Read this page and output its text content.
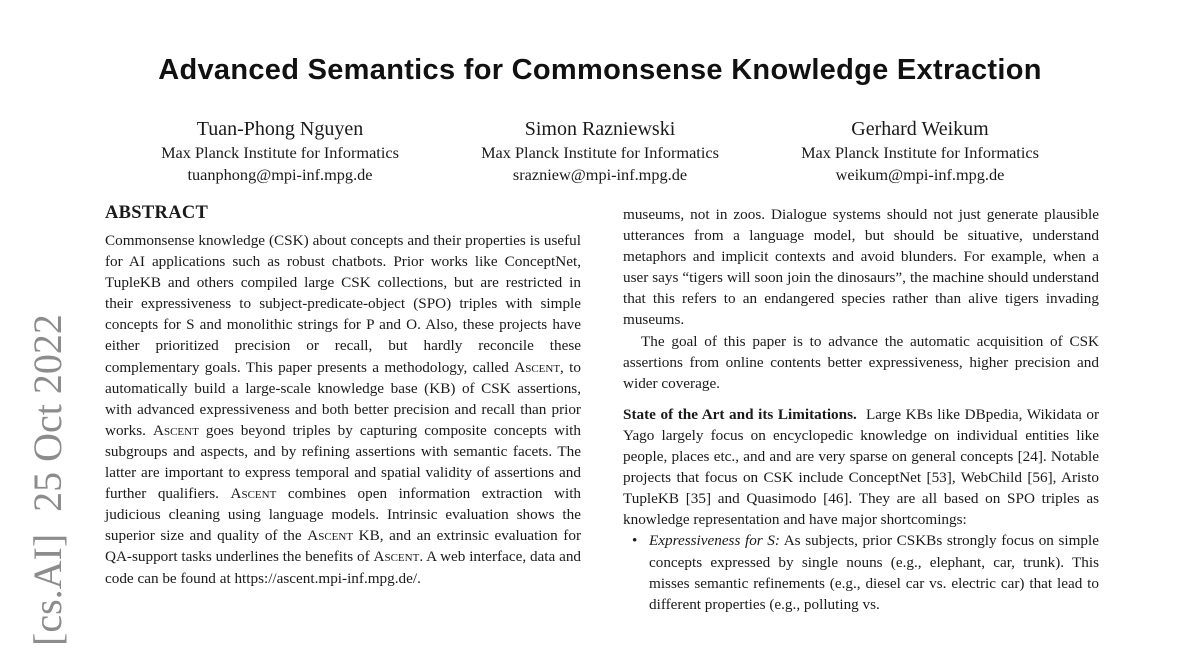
Advanced Semantics for Commonsense Knowledge Extraction
Tuan-Phong Nguyen
Max Planck Institute for Informatics
tuanphong@mpi-inf.mpg.de
Simon Razniewski
Max Planck Institute for Informatics
srazniew@mpi-inf.mpg.de
Gerhard Weikum
Max Planck Institute for Informatics
weikum@mpi-inf.mpg.de
ABSTRACT

Commonsense knowledge (CSK) about concepts and their properties is useful for AI applications such as robust chatbots. Prior works like ConceptNet, TupleKB and others compiled large CSK collections, but are restricted in their expressiveness to subject-predicate-object (SPO) triples with simple concepts for S and monolithic strings for P and O. Also, these projects have either prioritized precision or recall, but hardly reconcile these complementary goals. This paper presents a methodology, called Ascent, to automatically build a large-scale knowledge base (KB) of CSK assertions, with advanced expressiveness and both better precision and recall than prior works. Ascent goes beyond triples by capturing composite concepts with subgroups and aspects, and by refining assertions with semantic facets. The latter are important to express temporal and spatial validity of assertions and further qualifiers. Ascent combines open information extraction with judicious cleaning using language models. Intrinsic evaluation shows the superior size and quality of the Ascent KB, and an extrinsic evaluation for QA-support tasks underlines the benefits of Ascent. A web interface, data and code can be found at https://ascent.mpi-inf.mpg.de/.

museums, not in zoos. Dialogue systems should not just generate plausible utterances from a language model, but should be situative, understand metaphors and implicit contexts and avoid blunders. For example, when a user says “tigers will soon join the dinosaurs”, the machine should understand that this refers to an endangered species rather than alive tigers invading museums.

The goal of this paper is to advance the automatic acquisition of CSK assertions from online contents better expressiveness, higher precision and wider coverage.

State of the Art and its Limitations. Large KBs like DBpedia, Wikidata or Yago largely focus on encyclopedic knowledge on individual entities like people, places etc., and and are very sparse on general concepts [24]. Notable projects that focus on CSK include ConceptNet [53], WebChild [56], Aristo TupleKB [35] and Quasimodo [46]. They are all based on SPO triples as knowledge representation and have major shortcomings:

• Expressiveness for S: As subjects, prior CSKBs strongly focus on simple concepts expressed by single nouns (e.g., elephant, car, trunk). This misses semantic refinements (e.g., diesel car vs. electric car) that lead to different properties (e.g., polluting vs.
[cs.AI]25 Oct 2022
